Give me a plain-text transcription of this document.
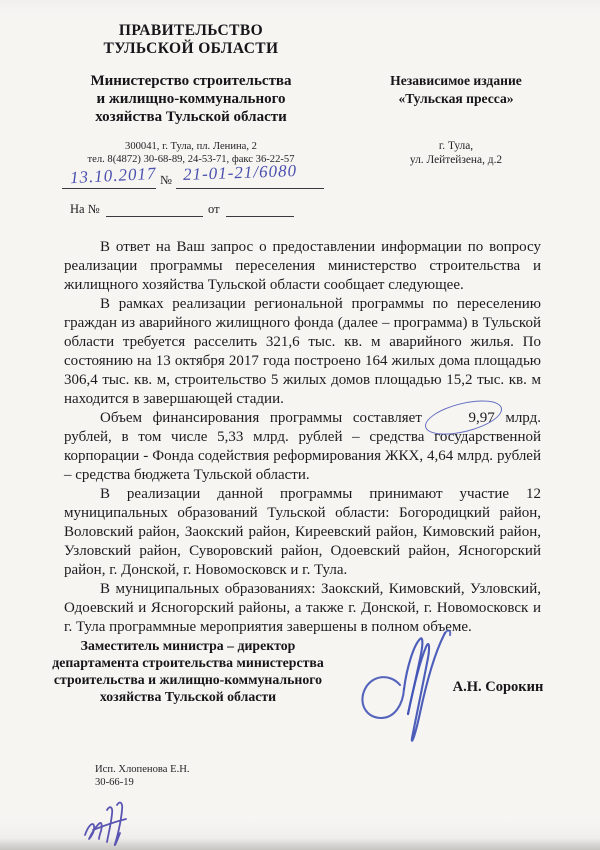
ПРАВИТЕЛЬСТВО
ТУЛЬСКОЙ ОБЛАСТИ
Министерство строительства
и жилищно-коммунального
хозяйства Тульской области
300041, г. Тула, пл. Ленина, 2
тел. 8(4872) 30-68-89, 24-53-71, факс 36-22-57
Независимое издание
«Тульская пресса»
г. Тула,
ул. Лейтейзена, д.2
13.10.2017 № 21-01-21/6080
На №	от

В ответ на Ваш запрос о предоставлении информации по вопросу реализации программы переселения министерство строительства и жилищного хозяйства Тульской области сообщает следующее.

В рамках реализации региональной программы по переселению граждан из аварийного жилищного фонда (далее – программа) в Тульской области требуется расселить 321,6 тыс. кв. м аварийного жилья. По состоянию на 13 октября 2017 года построено 164 жилых дома площадью 306,4 тыс. кв. м, строительство 5 жилых домов площадью 15,2 тыс. кв. м находится в завершающей стадии.

Объем финансирования программы составляет 9,97
млрд. рублей, в том числе 5,33 млрд. рублей – средства государственной корпорации - Фонда содействия реформирования ЖКХ, 4,64 млрд. рублей – средства бюджета Тульской области.

В реализации данной программы принимают участие 12 муниципальных образований Тульской области: Богородицкий район, Воловский район, Заокский район, Киреевский район, Кимовский район, Узловский район, Суворовский район, Одоевский район, Ясногорский район, г. Донской, г. Новомосковск и г. Тула.

В муниципальных образованиях: Заокский, Кимовский, Узловский, Одоевский и Ясногорский районы, а также г. Донской, г. Новомосковск и г. Тула программные мероприятия завершены в полном объеме.

Заместитель министра – директор
департамента строительства министерства
строительства и жилищно-коммунального
хозяйства Тульской области
А.Н. Сорокин
Исп. Хлопенова Е.Н.
30-66-19
